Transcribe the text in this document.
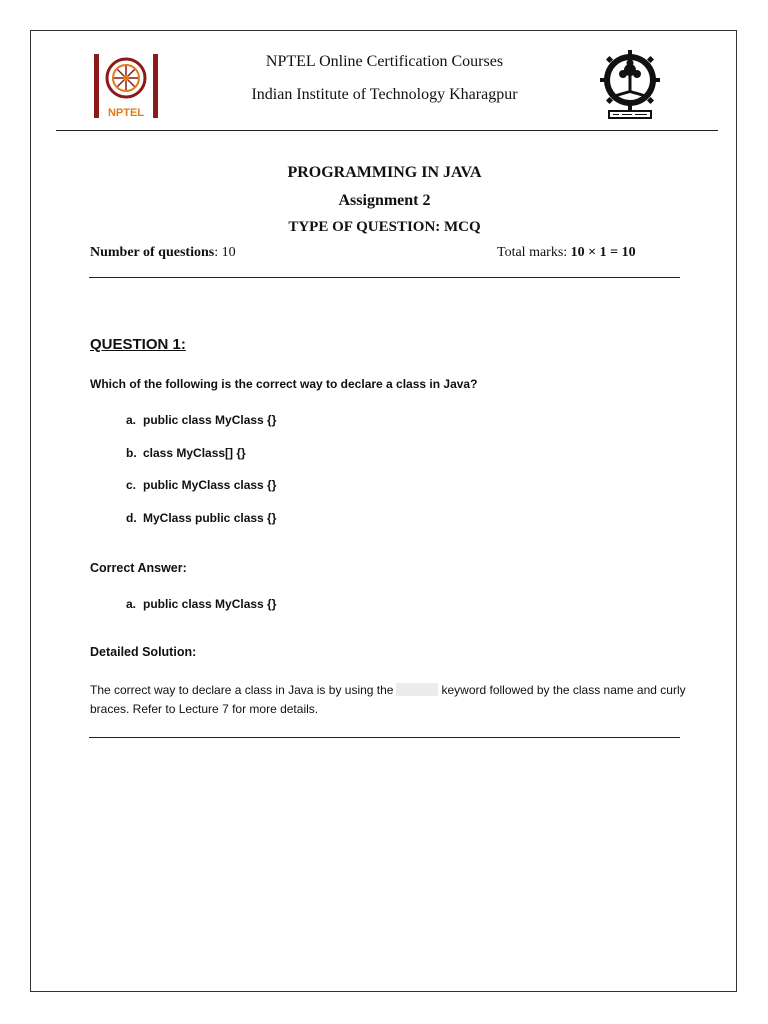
NPTEL
NPTEL Online Certification Courses
Indian Institute of Technology Kharagpur
PROGRAMMING IN JAVA
Assignment 2
TYPE OF QUESTION: MCQ
Number of questions: 10	Total marks: 10 × 1 = 10
QUESTION 1:
Which of the following is the correct way to declare a class in Java?
a. public class MyClass {}
b. class MyClass[] {}
c. public MyClass class {}
d. MyClass public class {}
Correct Answer:
a. public class MyClass {}
Detailed Solution:
The correct way to declare a class in Java is by using the	keyword followed by the class name and curly braces. Refer to Lecture 7 for more details.
